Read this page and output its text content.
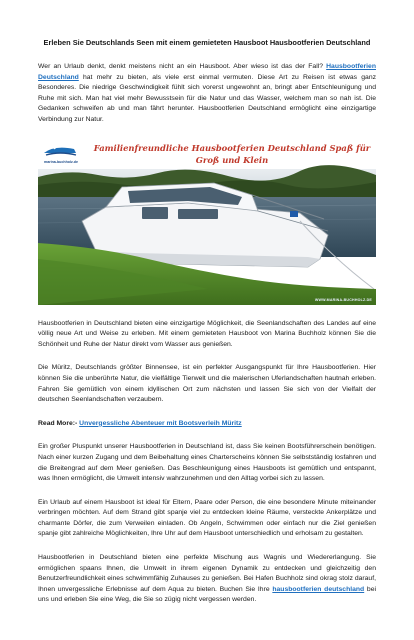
Erleben Sie Deutschlands Seen mit einem gemieteten Hausboot Hausbootferien Deutschland

Wer an Urlaub denkt, denkt meistens nicht an ein Hausboot. Aber wieso ist das der Fall? Hausbootferien Deutschland hat mehr zu bieten, als viele erst einmal vermuten. Diese Art zu Reisen ist etwas ganz Besonderes. Die niedrige Geschwindigkeit fühlt sich vorerst ungewohnt an, bringt aber Entschleunigung und Ruhe mit sich. Man hat viel mehr Bewusstsein für die Natur und das Wasser, welchem man so nah ist. Die Gedanken schweifen ab und man fährt herunter. Hausbootferien Deutschland ermöglicht eine einzigartige Verbindung zur Natur.

marina-buchholz.de
Familienfreundliche Hausbootferien Deutschland Spaß für Groß und Klein
WWW.MARINA-BUCHHOLZ.DE

Hausbootferien in Deutschland bieten eine einzigartige Möglichkeit, die Seenlandschaften des Landes auf eine völlig neue Art und Weise zu erleben. Mit einem gemieteten Hausboot von Marina Buchholz können Sie die Schönheit und Ruhe der Natur direkt vom Wasser aus genießen.

Die Müritz, Deutschlands größter Binnensee, ist ein perfekter Ausgangspunkt für Ihre Hausbootferien. Hier können Sie die unberührte Natur, die vielfältige Tierwelt und die malerischen Uferlandschaften hautnah erleben. Fahren Sie gemütlich von einem idyllischen Ort zum nächsten und lassen Sie sich von der Vielfalt der deutschen Seenlandschaften verzaubern.

Read More:- Unvergessliche Abenteuer mit Bootsverleih Müritz

Ein großer Pluspunkt unserer Hausbootferien in Deutschland ist, dass Sie keinen Bootsführerschein benötigen. Nach einer kurzen Zugang und dem Beibehaltung eines Charterscheins können Sie selbstständig losfahren und die Breitengrad auf dem Meer genießen. Das Beschleunigung eines Hausboots ist gemütlich und entspannt, was Ihnen ermöglicht, die Umwelt intensiv wahrzunehmen und den Alltag vorbei sich zu lassen.

Ein Urlaub auf einem Hausboot ist ideal für Eltern, Paare oder Person, die eine besondere Minute miteinander verbringen möchten. Auf dem Strand gibt spanje viel zu entdecken kleine Räume, versteckte Ankerplätze und charmante Dörfer, die zum Verweilen einladen. Ob Angeln, Schwimmen oder einfach nur die Ziel genießen spanje gibt zahlreiche Möglichkeiten, Ihre Uhr auf dem Hausboot unterschiedlich und erholsam zu gestalten.

Hausbootferien in Deutschland bieten eine perfekte Mischung aus Wagnis und Wiedererlangung. Sie ermöglichen spaans Ihnen, die Umwelt in ihrem eigenen Dynamik zu entdecken und gleichzeitig den Benutzerfreundlichkeit eines schwimmfähig Zuhauses zu genießen. Bei Hafen Buchholz sind okrag stolz darauf, Ihnen unvergessliche Erlebnisse auf dem Aqua zu bieten. Buchen Sie Ihre hausbootferien deutschland bei uns und erleben Sie eine Weg, die Sie so zügig nicht vergessen werden.
